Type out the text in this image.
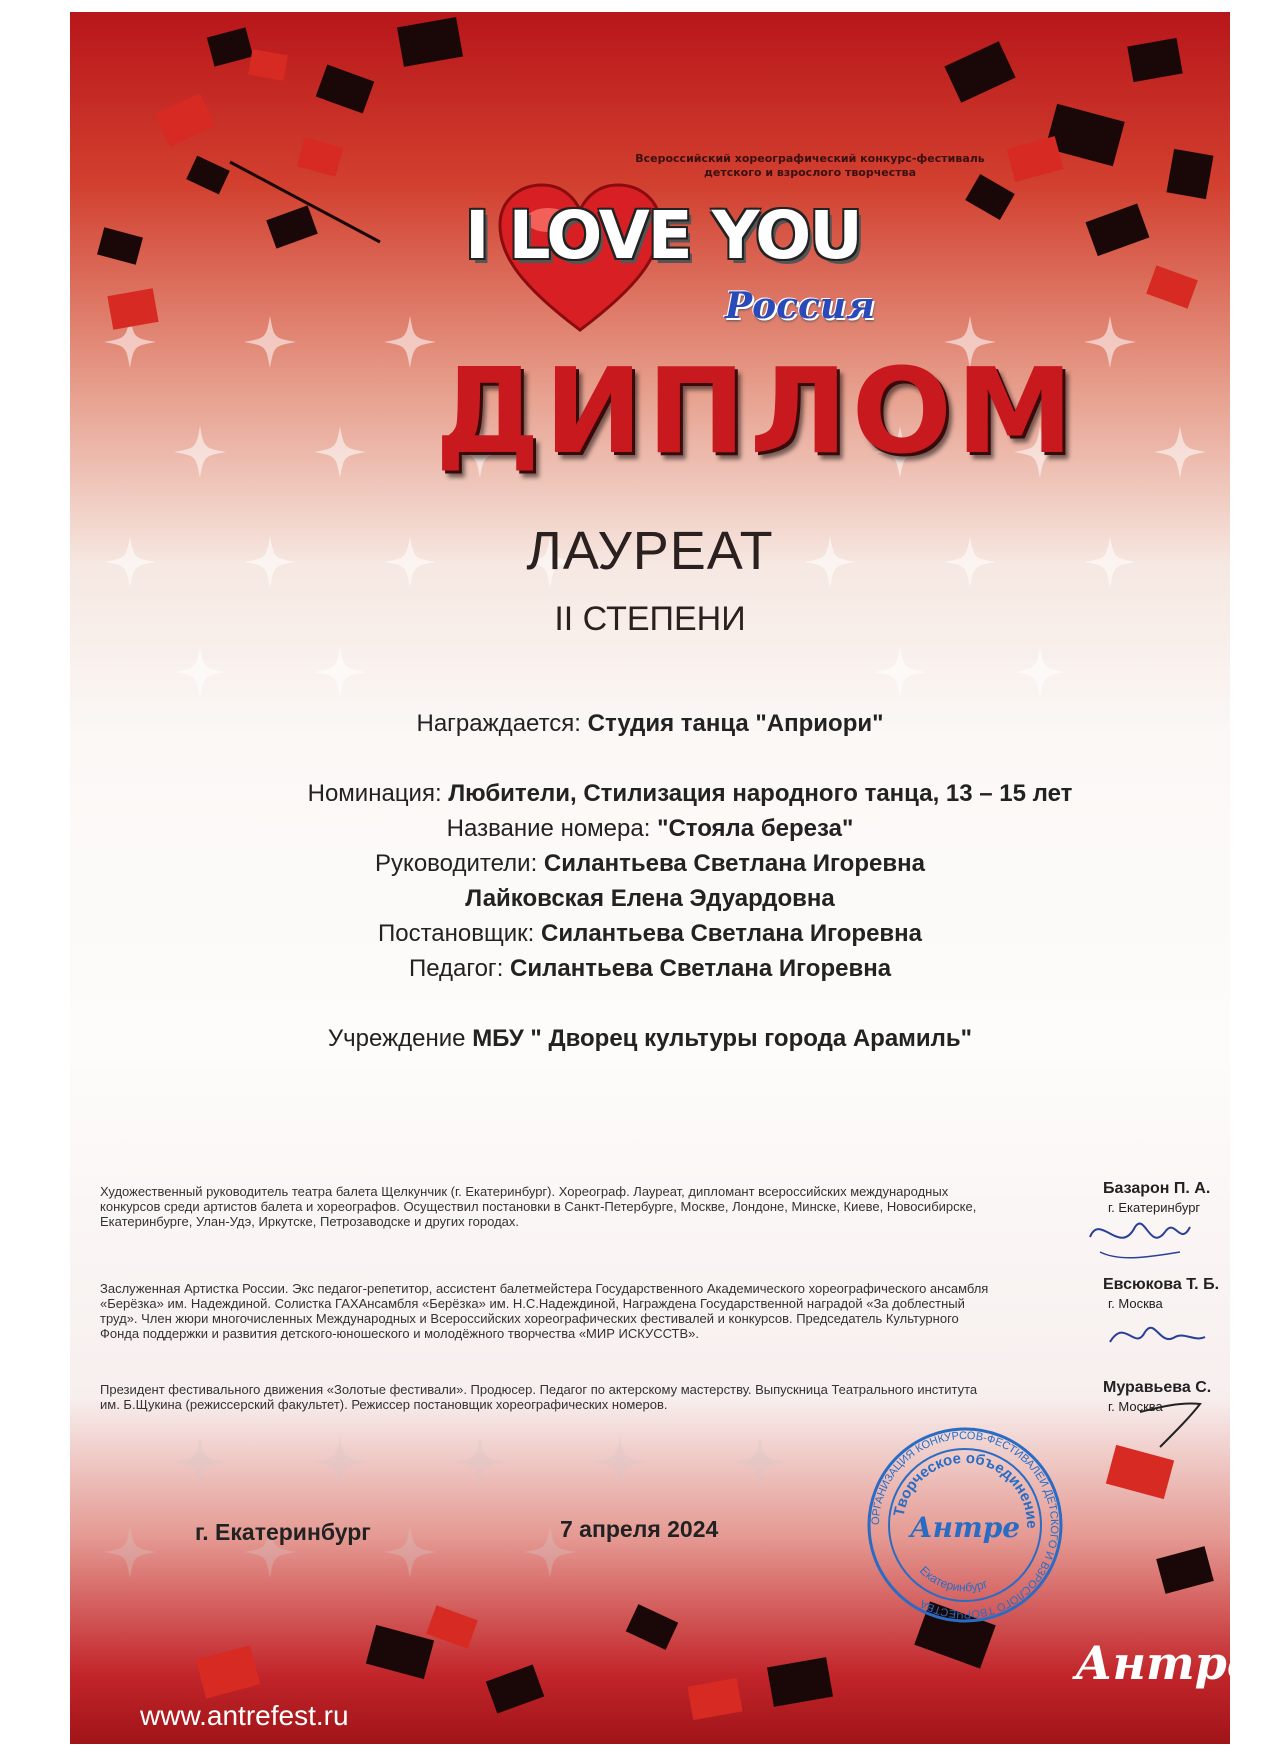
Всероссийский хореографический конкурс-фестиваль
детского и взрослого творчества
I LOVE YOU
Россия
ДИПЛОМ
ЛАУРЕАТ
II СТЕПЕНИ
Награждается: Студия танца "Априори"
Номинация: Любители, Стилизация народного танца, 13 – 15 лет
Название номера: "Стояла береза"
Руководители: Силантьева Светлана Игоревна
Лайковская Елена Эдуардовна
Постановщик: Силантьева Светлана Игоревна
Педагог: Силантьева Светлана Игоревна
Учреждение МБУ " Дворец культуры города Арамиль"
Художественный руководитель театра балета Щелкунчик (г. Екатеринбург). Хореограф. Лауреат, дипломант всероссийских международных конкурсов среди артистов балета и хореографов. Осуществил постановки в Санкт-Петербурге, Москве, Лондоне, Минске, Киеве, Новосибирске, Екатеринбурге, Улан-Удэ, Иркутске, Петрозаводске и других городах.
Базарон П. А.
г. Екатеринбург
Заслуженная Артистка России. Экс педагог-репетитор, ассистент балетмейстера Государственного Академического хореографического ансамбля «Берёзка» им. Надеждиной. Солистка ГАХАнсамбля «Берёзка» им. Н.С.Надеждиной, Награждена Государственной наградой «За доблестный труд». Член жюри многочисленных Международных и Всероссийских хореографических фестивалей и конкурсов. Председатель Культурного Фонда поддержки и развития детского-юношеского и молодёжного творчества «МИР ИСКУССТВ».
Евсюкова Т. Б.
г. Москва
Президент фестивального движения «Золотые фестивали». Продюсер. Педагог по актерскому мастерству. Выпускница Театрального института им. Б.Щукина (режиссерский факультет). Режиссер постановщик хореографических номеров.
Муравьева С.
г. Москва
г. Екатеринбург	7 апреля 2024	ОРГАНИЗАЦИЯ КОНКУРСОВ-ФЕСТИВАЛЕЙ ДЕТСКОГО И ВЗРОСЛОГО ТВОРЧЕСТВА
Творческое объединение
Екатеринбург
Антре
www.antrefest.ru
Антре
